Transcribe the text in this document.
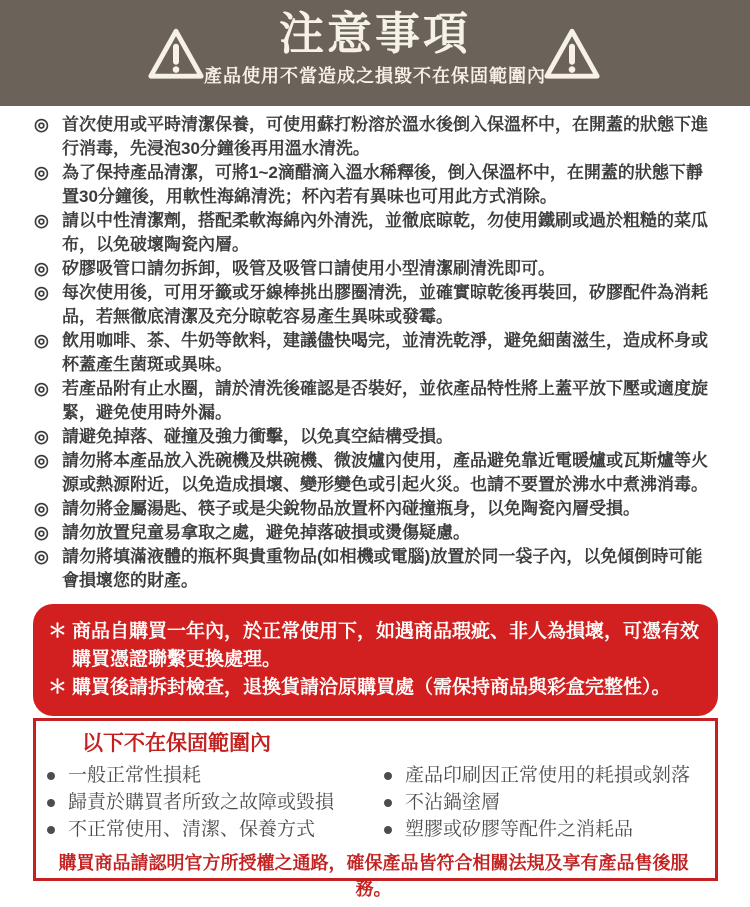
注意事項
產品使用不當造成之損毀不在保固範圍內
◎ 首次使用或平時清潔保養，可使用蘇打粉溶於溫水後倒入保溫杯中，在開蓋的狀態下進行消毒，先浸泡30分鐘後再用溫水清洗。
◎ 為了保持產品清潔，可將1~2滴醋滴入溫水稀釋後，倒入保溫杯中，在開蓋的狀態下靜置30分鐘後，用軟性海綿清洗；杯內若有異味也可用此方式消除。
◎ 請以中性清潔劑，搭配柔軟海綿內外清洗，並徹底晾乾，勿使用鐵刷或過於粗糙的菜瓜布，以免破壞陶瓷內層。
◎ 矽膠吸管口請勿拆卸，吸管及吸管口請使用小型清潔刷清洗即可。
◎ 每次使用後，可用牙籤或牙線棒挑出膠圈清洗，並確實晾乾後再裝回，矽膠配件為消耗品，若無徹底清潔及充分晾乾容易產生異味或發霉。
◎ 飲用咖啡、茶、牛奶等飲料，建議儘快喝完，並清洗乾淨，避免細菌滋生，造成杯身或杯蓋產生菌斑或異味。
◎ 若產品附有止水圈，請於清洗後確認是否裝好，並依產品特性將上蓋平放下壓或適度旋緊，避免使用時外漏。
◎ 請避免掉落、碰撞及強力衝擊，以免真空結構受損。
◎ 請勿將本產品放入洗碗機及烘碗機、微波爐內使用，產品避免靠近電暖爐或瓦斯爐等火源或熱源附近，以免造成損壞、變形變色或引起火災。也請不要置於沸水中煮沸消毒。
◎ 請勿將金屬湯匙、筷子或是尖銳物品放置杯內碰撞瓶身，以免陶瓷內層受損。
◎ 請勿放置兒童易拿取之處，避免掉落破損或燙傷疑慮。
◎ 請勿將填滿液體的瓶杯與貴重物品(如相機或電腦)放置於同一袋子內，以免傾倒時可能會損壞您的財產。
＊ 商品自購買一年內，於正常使用下，如遇商品瑕疵、非人為損壞，可憑有效購買憑證聯繫更換處理。
＊ 購買後請拆封檢查，退換貨請洽原購買處（需保持商品與彩盒完整性）。
以下不在保固範圍內
一般正常性損耗
歸責於購買者所致之故障或毀損
不正常使用、清潔、保養方式
產品印刷因正常使用的耗損或剝落
不沾鍋塗層
塑膠或矽膠等配件之消耗品
購買商品請認明官方所授權之通路，確保產品皆符合相關法規及享有產品售後服務。
